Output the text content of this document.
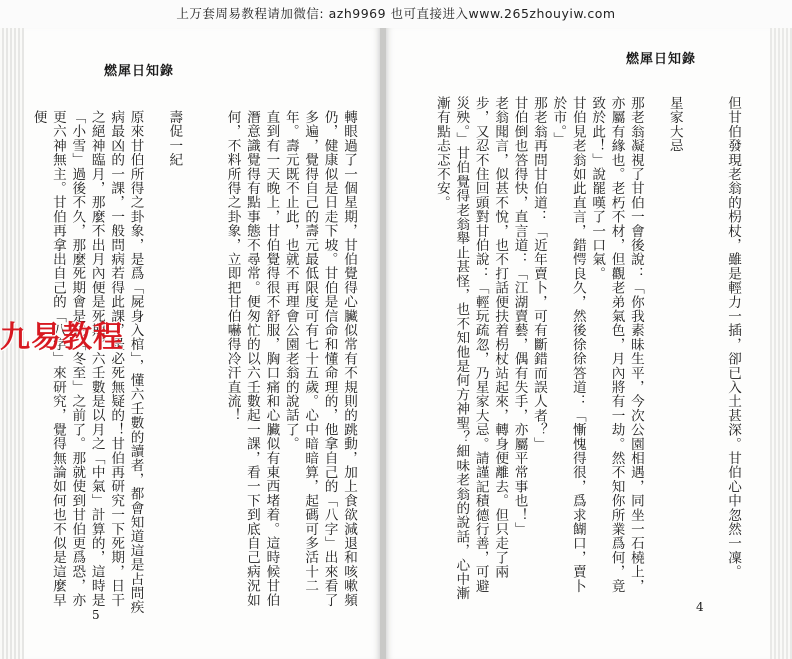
上万套周易教程请加微信: azh9969 也可直接进入www.265zhouyiw.com
燃犀日知錄
轉眼過了一個星期，甘伯覺得心臟似常有不規則的跳動，加上食欲減退和咳嗽頻仍，健康似是日走下坡。甘伯是信命和懂命理的，他拿自己的「八字」出來看了多遍，覺得自己的壽元最低限度可有七十五歲。心中暗暗算，起碼可多活十二年。壽元既不止此，也就不再理會公園老翁的說話了。
直到有一天晚上，甘伯覺得很不舒服，胸口痛和心臟似有東西堵着。這時候甘伯潛意識覺得有點事態不尋常。便匆忙的以六壬數起一課，看一下到底自己病況如何，不料所得之卦象，立即把甘伯嚇得冷汗直流！

壽促一紀

原來甘伯所得之卦象，是爲「屍身入棺」，懂六壬數的讀者，都會知道這是占問疾病最凶的一課，一般問病若得此課，是必死無疑的！甘伯再研究一下死期，日干之絕神臨月，那麼不出月內便是死期。六壬數是以月之「中氣」計算的，這時是「小雪」過後不久，那麼死期會是在「冬至」之前了。那就使到甘伯更爲恐，亦更六神無主。甘伯再拿出自己的「八字」來研究，覺得無論如何也不似是這麼早便
5
燃犀日知錄
但甘伯發現老翁的枴杖，雖是輕力一插，卻已入土甚深。甘伯心中忽然一凜。

星家大忌

那老翁凝視了甘伯一會後說：「你我素昧生平，今次公園相遇，同坐一石橈上，亦屬有緣也。老朽不材，但觀老弟氣色，月內將有一劫。然不知你所業爲何，竟致於此！」說罷嘆了一口氣。
甘伯見老翁如此直言，錯愕良久，然後徐徐答道：「慚愧得很，爲求餬口，賣卜於市。」
那老翁再問甘伯道：「近年賣卜，可有斷錯而誤人者？」
甘伯倒也答得快，直言道：「江湖賣藝，偶有失手，亦屬平常事也！」
老翁聞言，似甚不悅，也不打話便扶着枴杖站起來，轉身便離去。但只走了兩步，又忍不住回頭對甘伯說：「輕玩疏忽，乃星家大忌。請謹記積德行善，可避災殃。」甘伯覺得老翁舉止甚怪，也不知他是何方神聖？細味老翁的說話，心中漸漸有點忐忑不安。
4
九易教程
